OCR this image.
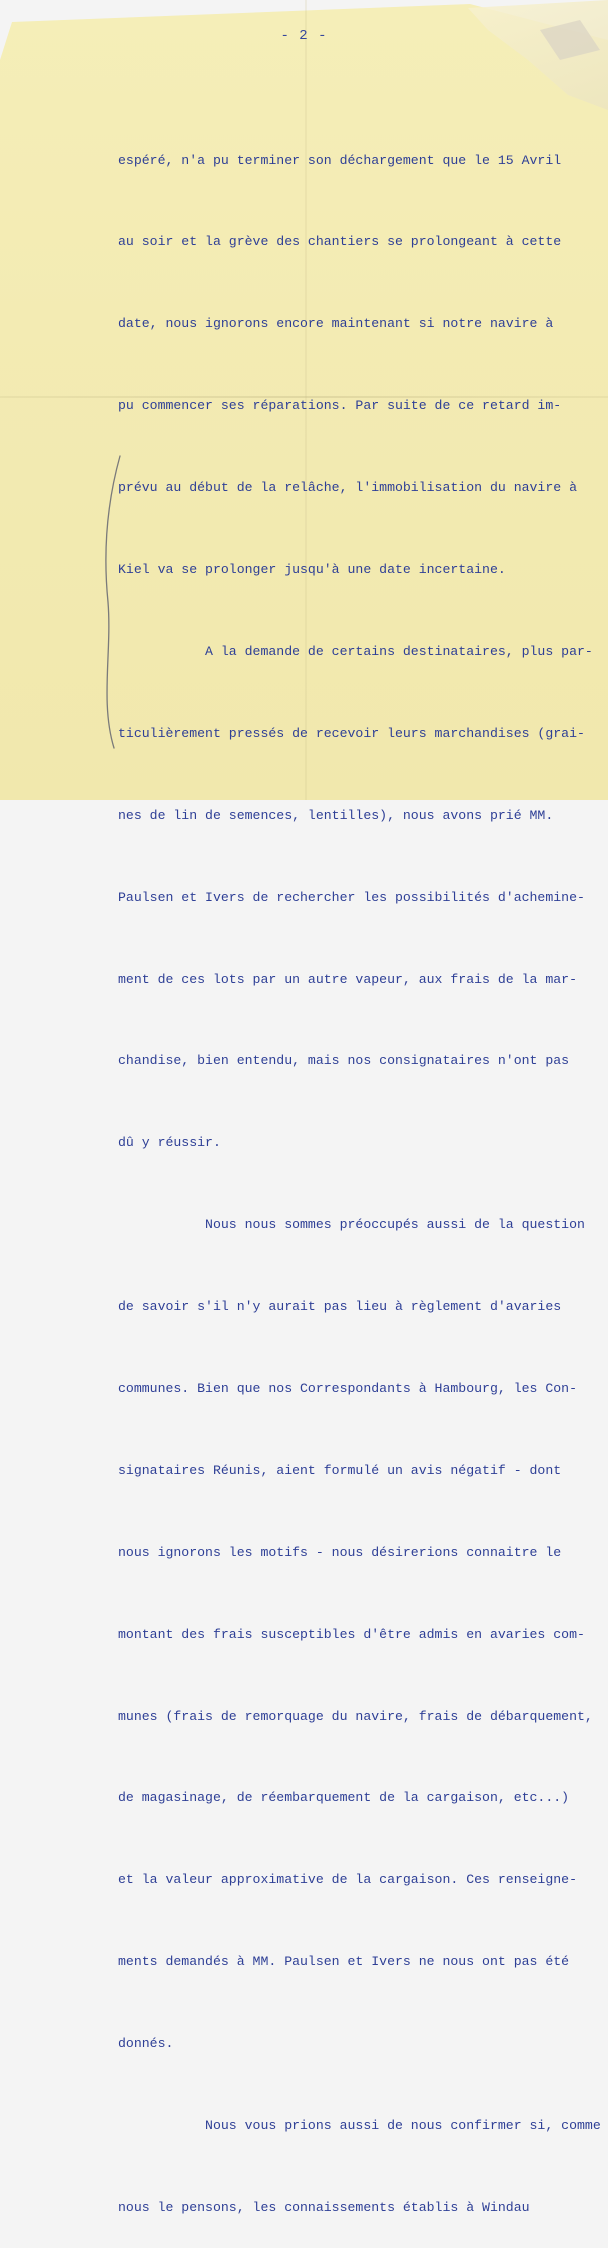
- 2 -

espéré, n'a pu terminer son déchargement que le 15 Avril

au soir et la grève des chantiers se prolongeant à cette

date, nous ignorons encore maintenant si notre navire à

pu commencer ses réparations. Par suite de ce retard im-

prévu au début de la relâche, l'immobilisation du navire à

Kiel va se prolonger jusqu'à une date incertaine.

A la demande de certains destinataires, plus par-

ticulièrement pressés de recevoir leurs marchandises (grai-

nes de lin de semences, lentilles), nous avons prié MM.

Paulsen et Ivers de rechercher les possibilités d'achemine-

ment de ces lots par un autre vapeur, aux frais de la mar-

chandise, bien entendu, mais nos consignataires n'ont pas

dû y réussir.

Nous nous sommes préoccupés aussi de la question

de savoir s'il n'y aurait pas lieu à règlement d'avaries

communes. Bien que nos Correspondants à Hambourg, les Con-

signataires Réunis, aient formulé un avis négatif - dont

nous ignorons les motifs - nous désirerions connaitre le

montant des frais susceptibles d'être admis en avaries com-

munes (frais de remorquage du navire, frais de débarquement,

de magasinage, de réembarquement de la cargaison, etc...)

et la valeur approximative de la cargaison. Ces renseigne-

ments demandés à MM. Paulsen et Ivers ne nous ont pas été

donnés.

Nous vous prions aussi de nous confirmer si, comme

nous le pensons, les connaissements établis à Windau
